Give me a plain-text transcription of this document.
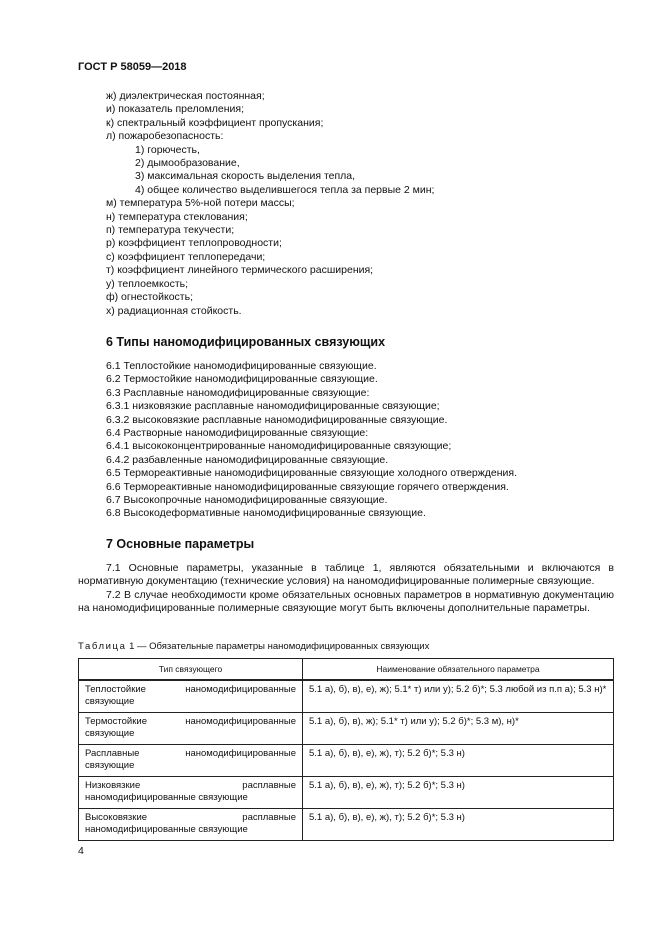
ГОСТ Р 58059—2018
ж) диэлектрическая постоянная;
и) показатель преломления;
к) спектральный коэффициент пропускания;
л) пожаробезопасность:
1) горючесть,
2) дымообразование,
3) максимальная скорость выделения тепла,
4) общее количество выделившегося тепла за первые 2 мин;
м) температура 5%-ной потери массы;
н) температура стеклования;
п) температура текучести;
р) коэффициент теплопроводности;
с) коэффициент теплопередачи;
т) коэффициент линейного термического расширения;
у) теплоемкость;
ф) огнестойкость;
х) радиационная стойкость.
6 Типы наномодифицированных связующих
6.1 Теплостойкие наномодифицированные связующие.
6.2 Термостойкие наномодифицированные связующие.
6.3 Расплавные наномодифицированные связующие:
6.3.1 низковязкие расплавные наномодифицированные связующие;
6.3.2 высоковязкие расплавные наномодифицированные связующие.
6.4 Растворные наномодифицированные связующие:
6.4.1 высококонцентрированные наномодифицированные связующие;
6.4.2 разбавленные наномодифицированные связующие.
6.5 Термореактивные наномодифицированные связующие холодного отверждения.
6.6 Термореактивные наномодифицированные связующие горячего отверждения.
6.7 Высокопрочные наномодифицированные связующие.
6.8 Высокодеформативные наномодифицированные связующие.
7 Основные параметры
7.1 Основные параметры, указанные в таблице 1, являются обязательными и включаются в нормативную документацию (технические условия) на наномодифицированные полимерные связующие.
7.2 В случае необходимости кроме обязательных основных параметров в нормативную документацию на наномодифицированные полимерные связующие могут быть включены дополнительные параметры.
Таблица 1 — Обязательные параметры наномодифицированных связующих
Тип связующего	Наименование обязательного параметра
Теплостойкие наномодифицированные связующие	5.1 а), б), в), е), ж); 5.1* т) или у); 5.2 б)*; 5.3 любой из п.п а); 5.3 н)*
Термостойкие наномодифицированные связующие	5.1 а), б), в), ж); 5.1* т) или у); 5.2 б)*; 5.3 м), н)*
Расплавные наномодифицированные связующие	5.1 а), б), в), е), ж), т); 5.2 б)*; 5.3 н)
Низковязкие расплавные наномодифицированные связующие	5.1 а), б), в), е), ж), т); 5.2 б)*; 5.3 н)
Высоковязкие расплавные наномодифицированные связующие	5.1 а), б), в), е), ж), т); 5.2 б)*; 5.3 н)
4
